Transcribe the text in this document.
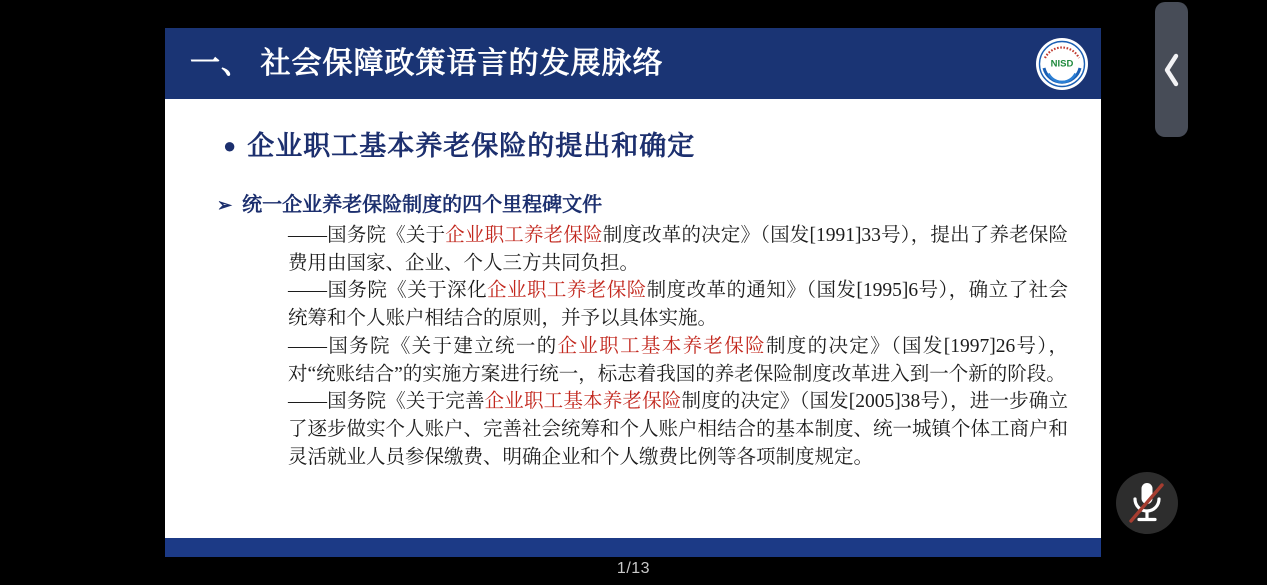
一、 社会保障政策语言的发展脉络	NISD
● 企业职工基本养老保险的提出和确定
➢ 统一企业养老保险制度的四个里程碑文件

——国务院《关于企业职工养老保险制度改革的决定》（国发[1991]33号），提出了养老保险费用由国家、企业、个人三方共同负担。

——国务院《关于深化企业职工养老保险制度改革的通知》（国发[1995]6号），确立了社会统筹和个人账户相结合的原则，并予以具体实施。

——国务院《关于建立统一的企业职工基本养老保险制度的决定》（国发[1997]26号），对“统账结合”的实施方案进行统一，标志着我国的养老保险制度改革进入到一个新的阶段。

——国务院《关于完善企业职工基本养老保险制度的决定》（国发[2005]38号），进一步确立了逐步做实个人账户、完善社会统筹和个人账户相结合的基本制度、统一城镇个体工商户和灵活就业人员参保缴费、明确企业和个人缴费比例等各项制度规定。

1/13
